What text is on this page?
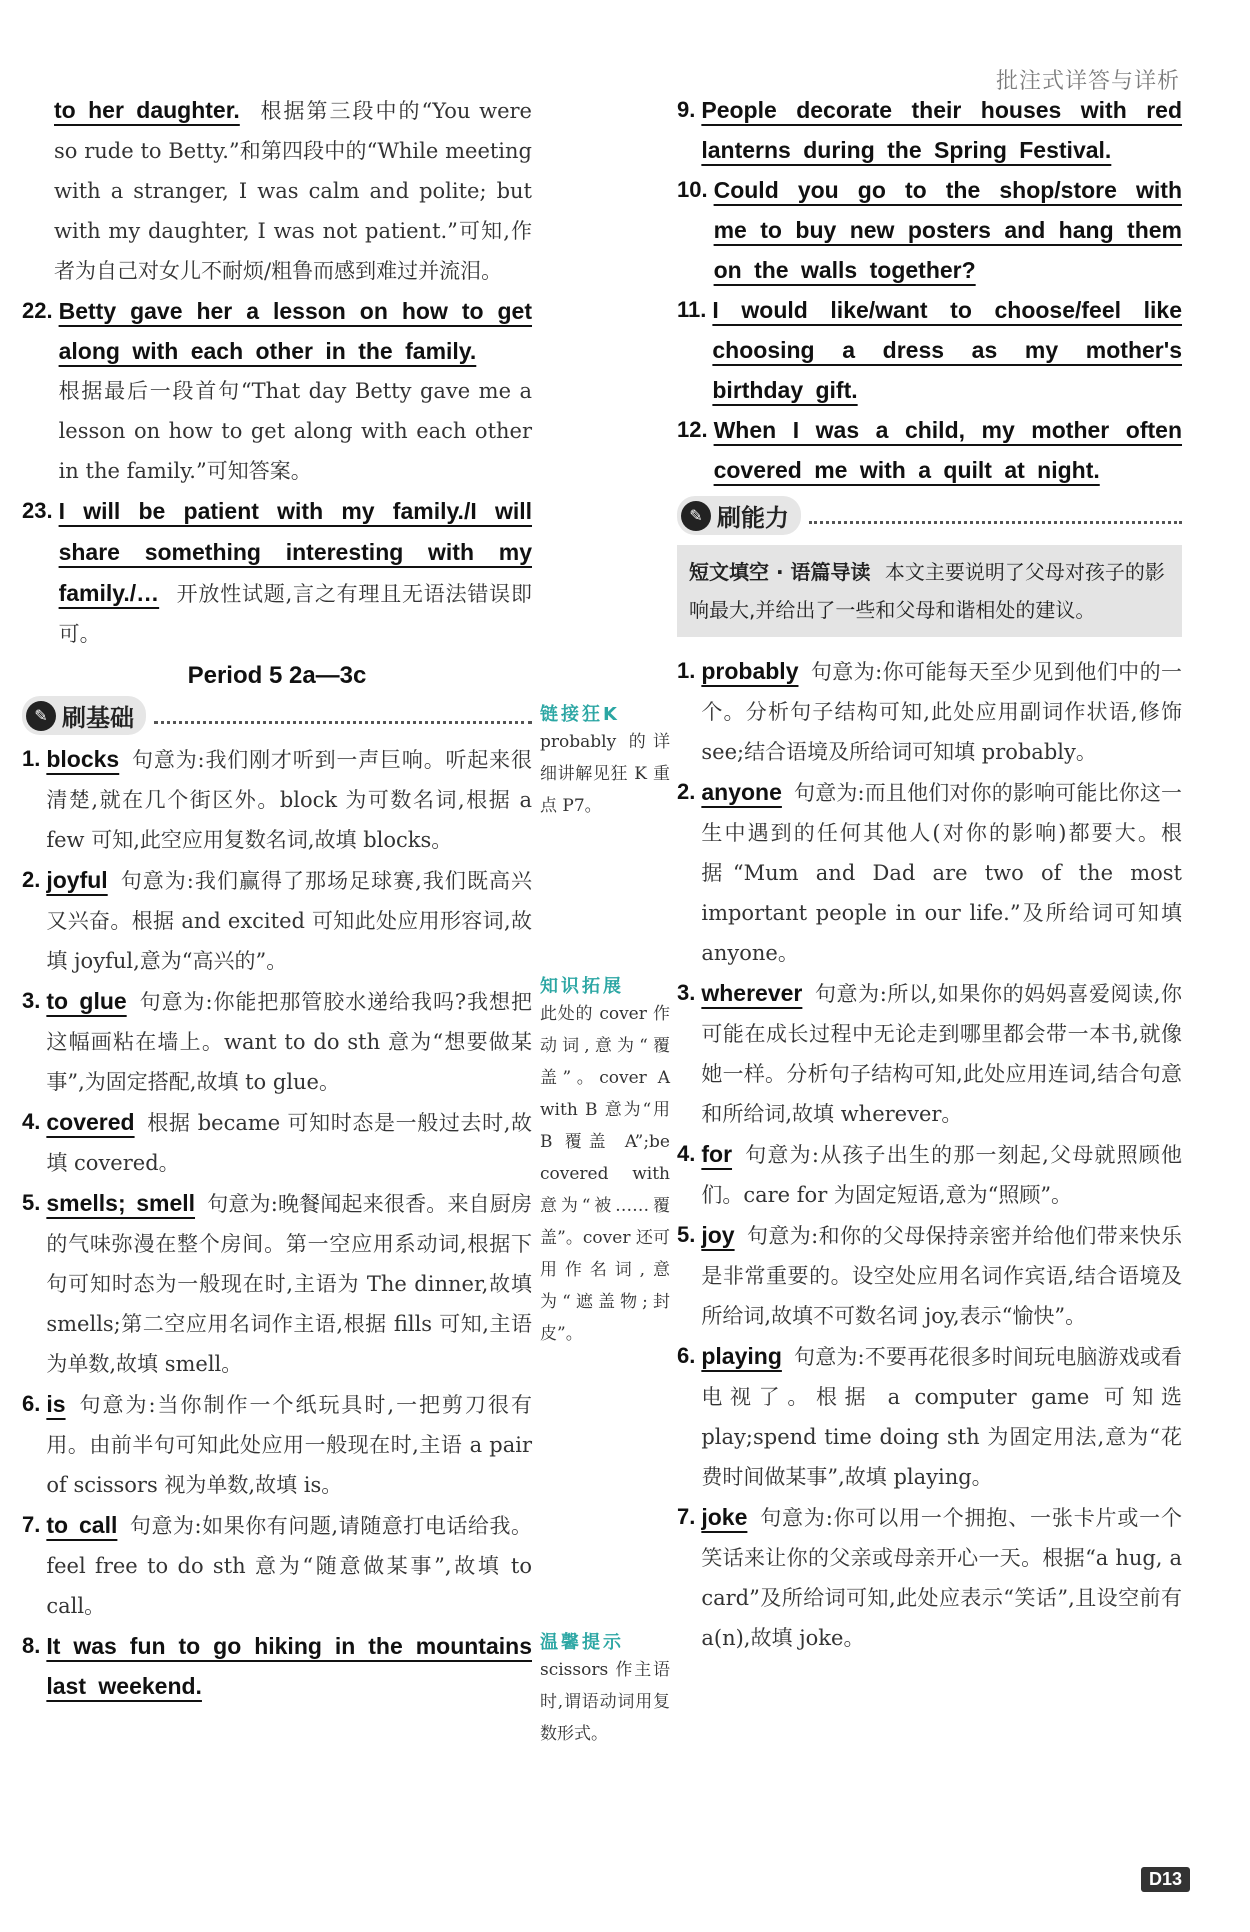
批注式详答与详析

to her daughter. 根据第三段中的“You were so rude to Betty.”和第四段中的“While meeting with a stranger, I was calm and polite; but with my daughter, I was not patient.”可知,作者为自己对女儿不耐烦/粗鲁而感到难过并流泪。

22. Betty gave her a lesson on how to get along with each other in the family.
根据最后一段首句“That day Betty gave me a lesson on how to get along with each other in the family.”可知答案。
23. I will be patient with my family./I will share something interesting with my family./… 开放性试题,言之有理且无语法错误即可。
Period 5 2a—3c
✎ 刷基础
1. blocks 句意为:我们刚才听到一声巨响。听起来很清楚,就在几个街区外。block 为可数名词,根据 a few 可知,此空应用复数名词,故填 blocks。
2. joyful 句意为:我们赢得了那场足球赛,我们既高兴又兴奋。根据 and excited 可知此处应用形容词,故填 joyful,意为“高兴的”。
3. to glue 句意为:你能把那管胶水递给我吗?我想把这幅画粘在墙上。want to do sth 意为“想要做某事”,为固定搭配,故填 to glue。
4. covered 根据 became 可知时态是一般过去时,故填 covered。
5. smells; smell 句意为:晚餐闻起来很香。来自厨房的气味弥漫在整个房间。第一空应用系动词,根据下句可知时态为一般现在时,主语为 The dinner,故填 smells;第二空应用名词作主语,根据 fills 可知,主语为单数,故填 smell。
6. is 句意为:当你制作一个纸玩具时,一把剪刀很有用。由前半句可知此处应用一般现在时,主语 a pair of scissors 视为单数,故填 is。
7. to call 句意为:如果你有问题,请随意打电话给我。feel free to do sth 意为“随意做某事”,故填 to call。
8. It was fun to go hiking in the mountains last weekend.
链接狂K
probably 的详细讲解见狂 K 重点 P7。
知识拓展
此处的 cover 作动词,意为“覆盖”。cover A with B 意为“用 B 覆盖 A”;be covered with 意为“被……覆盖”。cover 还可用作名词,意为“遮盖物;封皮”。
温馨提示
scissors 作主语时,谓语动词用复数形式。
9. People decorate their houses with red lanterns during the Spring Festival.
10. Could you go to the shop/store with me to buy new posters and hang them on the walls together?
11. I would like/want to choose/feel like choosing a dress as my mother's birthday gift.
12. When I was a child, my mother often covered me with a quilt at night.
✎ 刷能力
短文填空 · 语篇导读 本文主要说明了父母对孩子的影响最大,并给出了一些和父母和谐相处的建议。
1. probably 句意为:你可能每天至少见到他们中的一个。分析句子结构可知,此处应用副词作状语,修饰 see;结合语境及所给词可知填 probably。
2. anyone 句意为:而且他们对你的影响可能比你这一生中遇到的任何其他人(对你的影响)都要大。根据“Mum and Dad are two of the most important people in our life.”及所给词可知填 anyone。
3. wherever 句意为:所以,如果你的妈妈喜爱阅读,你可能在成长过程中无论走到哪里都会带一本书,就像她一样。分析句子结构可知,此处应用连词,结合句意和所给词,故填 wherever。
4. for 句意为:从孩子出生的那一刻起,父母就照顾他们。care for 为固定短语,意为“照顾”。
5. joy 句意为:和你的父母保持亲密并给他们带来快乐是非常重要的。设空处应用名词作宾语,结合语境及所给词,故填不可数名词 joy,表示“愉快”。
6. playing 句意为:不要再花很多时间玩电脑游戏或看电视了。根据 a computer game 可知选 play;spend time doing sth 为固定用法,意为“花费时间做某事”,故填 playing。
7. joke 句意为:你可以用一个拥抱、一张卡片或一个笑话来让你的父亲或母亲开心一天。根据“a hug, a card”及所给词可知,此处应表示“笑话”,且设空前有 a(n),故填 joke。
D13
